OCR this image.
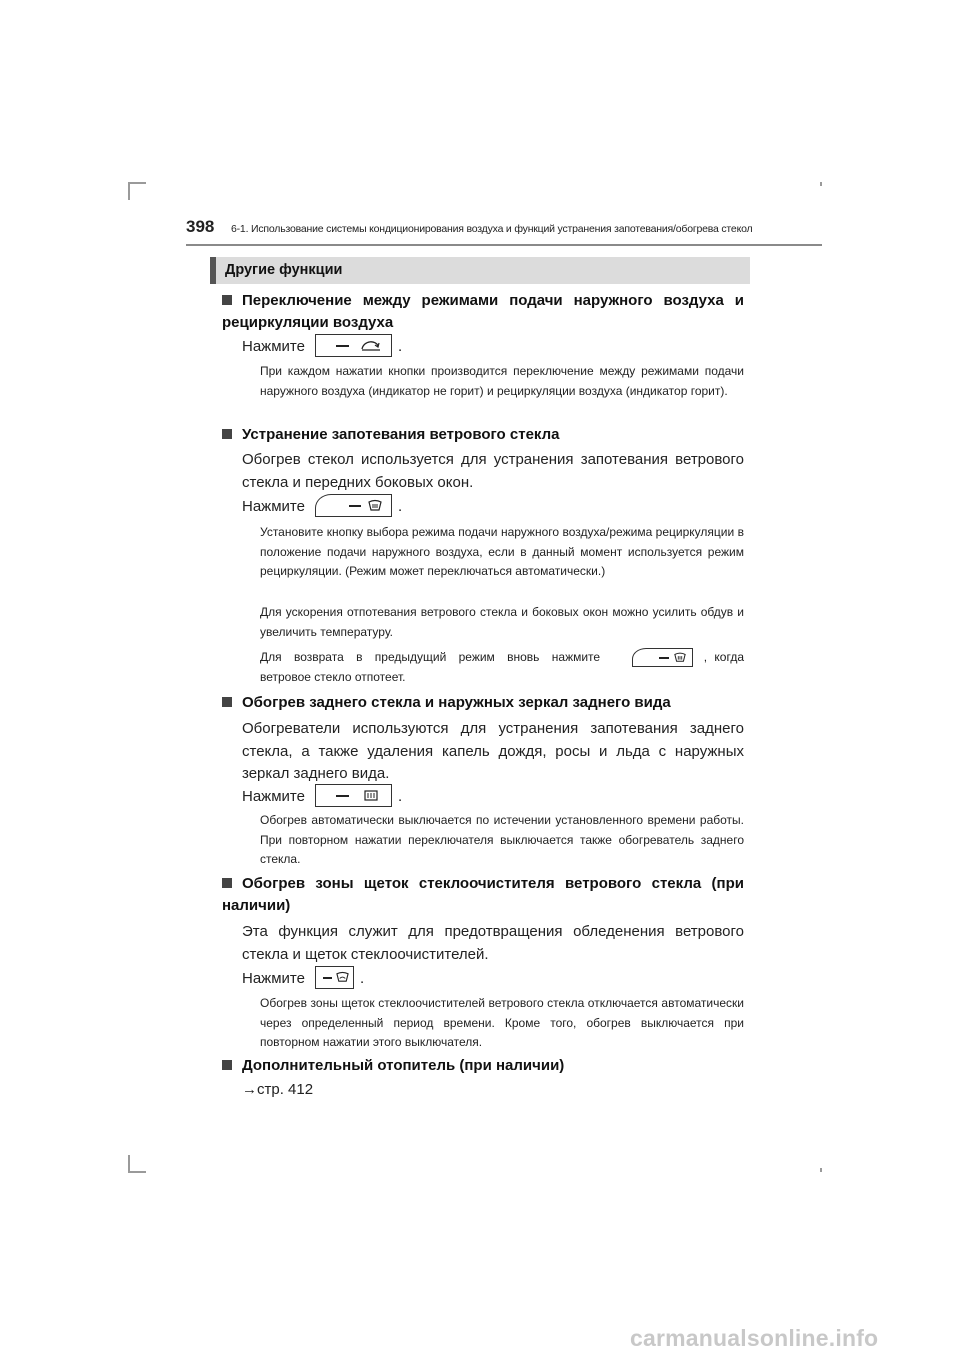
398 6-1. Использование системы кондиционирования воздуха и функций устранения запотевания/обогрева стекол
Другие функции
Переключение между режимами подачи наружного воздуха и рециркуляции воздуха
Нажмите	.
При каждом нажатии кнопки производится переключение между режимами подачи наружного воздуха (индикатор не горит) и рециркуляции воздуха (индикатор горит).
Устранение запотевания ветрового стекла
Обогрев стекол используется для устранения запотевания ветрового стекла и передних боковых окон.
Нажмите	.
Установите кнопку выбора режима подачи наружного воздуха/режима рециркуляции в положение подачи наружного воздуха, если в данный момент используется режим рециркуляции. (Режим может переключаться автоматически.)
Для ускорения отпотевания ветрового стекла и боковых окон можно усилить обдув и увеличить температуру.
Для возврата в предыдущий режим вновь нажмите	, когда
ветровое стекло отпотеет.
Обогрев заднего стекла и наружных зеркал заднего вида
Обогреватели используются для устранения запотевания заднего стекла, а также удаления капель дождя, росы и льда с наружных зеркал заднего вида.
Нажмите	.
Обогрев автоматически выключается по истечении установленного времени работы. При повторном нажатии переключателя выключается также обогреватель заднего стекла.
Обогрев зоны щеток стеклоочистителя ветрового стекла (при наличии)
Эта функция служит для предотвращения обледенения ветрового стекла и щеток стеклоочистителей.
Нажмите	.
Обогрев зоны щеток стеклоочистителей ветрового стекла отключается автоматически через определенный период времени. Кроме того, обогрев выключается при повторном нажатии этого выключателя.
Дополнительный отопитель (при наличии)
→стр. 412
carmanualsonline.info
